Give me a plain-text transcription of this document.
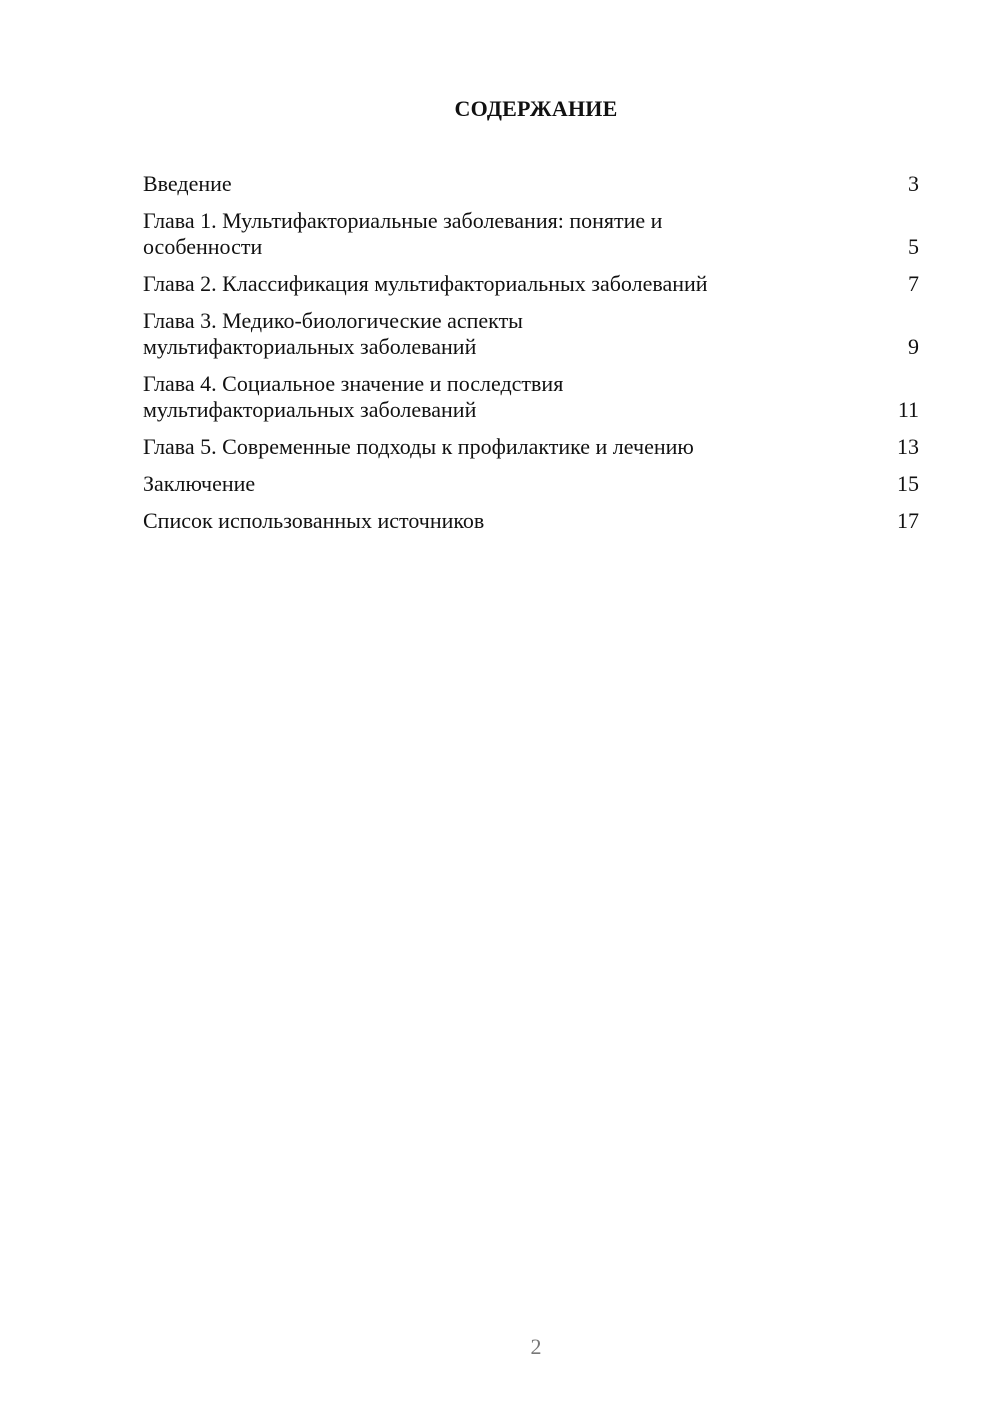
СОДЕРЖАНИЕ
Введение	3
Глава 1. Мультифакториальные заболевания: понятие и особенности	5
Глава 2. Классификация мультифакториальных заболеваний	7
Глава 3. Медико-биологические аспекты мультифакториальных заболеваний	9
Глава 4. Социальное значение и последствия мультифакториальных заболеваний	11
Глава 5. Современные подходы к профилактике и лечению	13
Заключение	15
Список использованных источников	17
2
